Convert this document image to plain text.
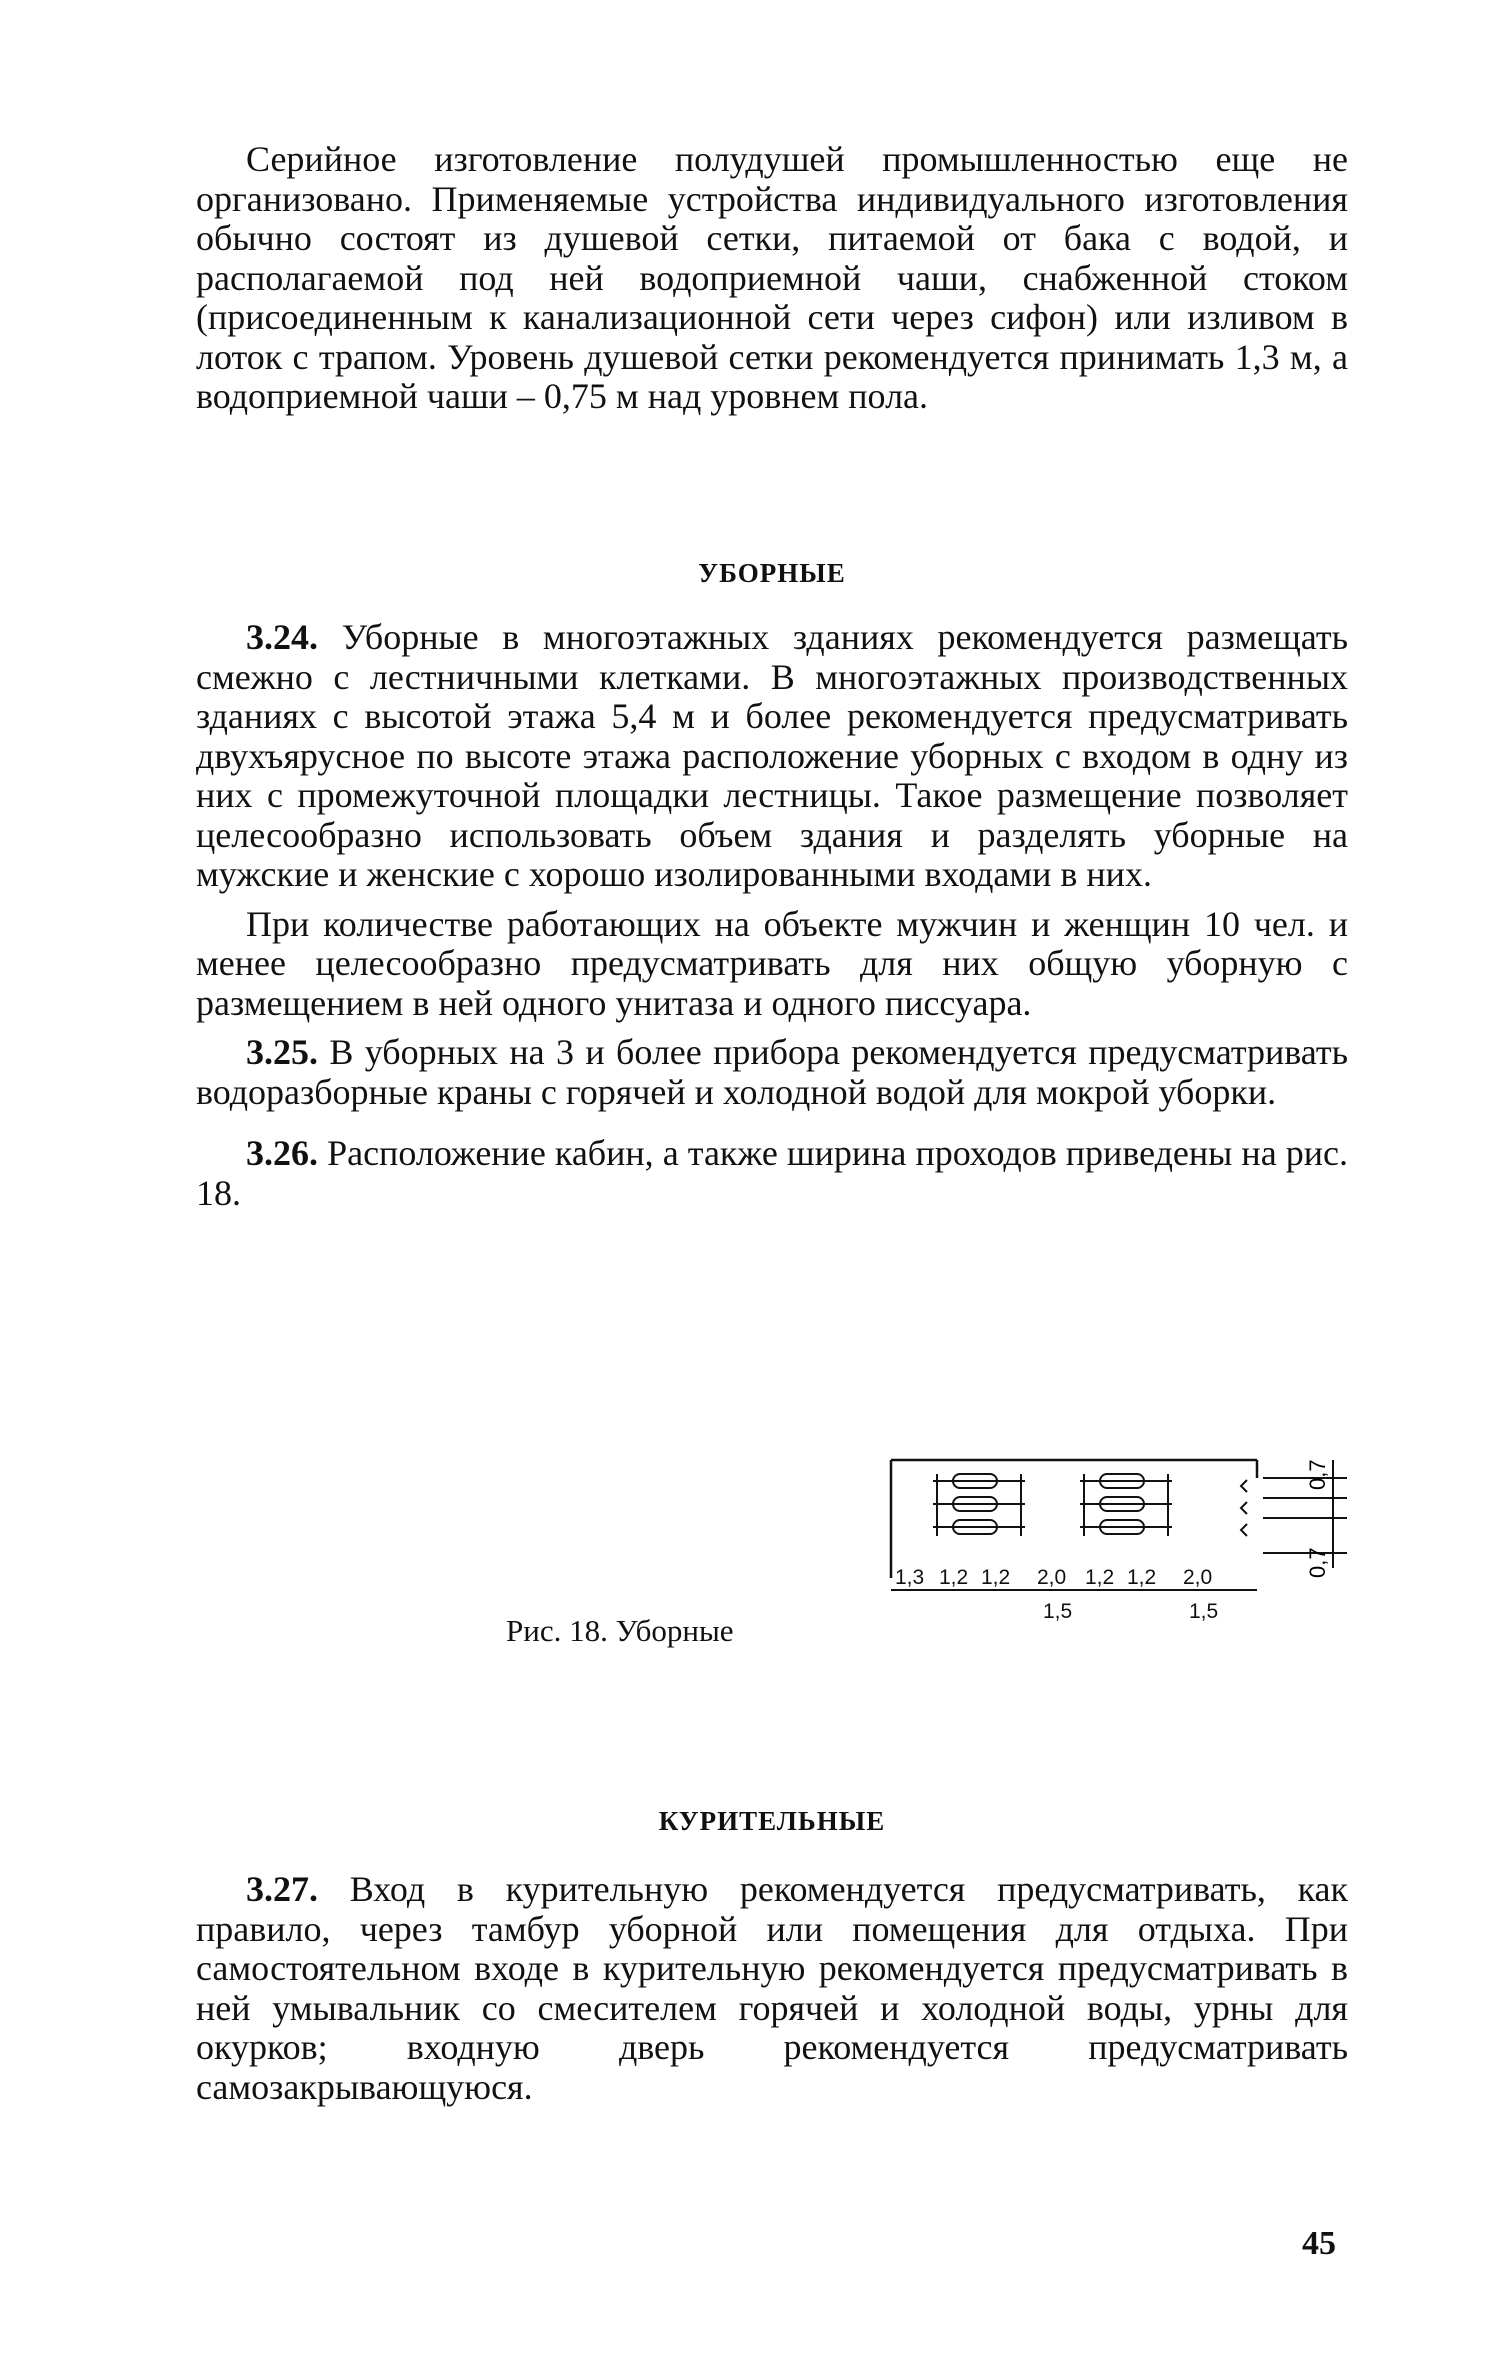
Серийное изготовление полудушей промышленностью еще не организовано. Применяемые устройства индивидуального изготовления обычно состоят из душевой сетки, питаемой от бака с водой, и располагаемой под ней водоприемной чаши, снабженной стоком (присоединенным к канализационной сети через сифон) или изливом в лоток с трапом. Уровень душевой сетки рекомендуется принимать 1,3 м, а водоприемной чаши – 0,75 м над уровнем пола.

УБОРНЫЕ

3.24. Уборные в многоэтажных зданиях рекомендуется размещать смежно с лестничными клетками. В многоэтажных производственных зданиях с высотой этажа 5,4 м и более рекомендуется предусматривать двухъярусное по высоте этажа расположение уборных с входом в одну из них с промежуточной площадки лестницы. Такое размещение позволяет целесообразно использовать объем здания и разделять уборные на мужские и женские с хорошо изолированными входами в них.

При количестве работающих на объекте мужчин и женщин 10 чел. и менее целесообразно предусматривать для них общую уборную с размещением в ней одного унитаза и одного писсуара.

3.25. В уборных на 3 и более прибора рекомендуется предусматривать водоразборные краны с горячей и холодной водой для мокрой уборки.

3.26. Расположение кабин, а также ширина проходов приведены на рис. 18.

Рис. 18. Уборные
0,7
0,7
1,3 1,2 1,2 2,0 1,2 1,2 2,0
1,5	1,5
КУРИТЕЛЬНЫЕ

3.27. Вход в курительную рекомендуется предусматривать, как правило, через тамбур уборной или помещения для отдыха. При самостоятельном входе в курительную рекомендуется предусматривать в ней умывальник со смесителем горячей и холодной воды, урны для окурков; входную дверь рекомендуется предусматривать самозакрывающуюся.

45
